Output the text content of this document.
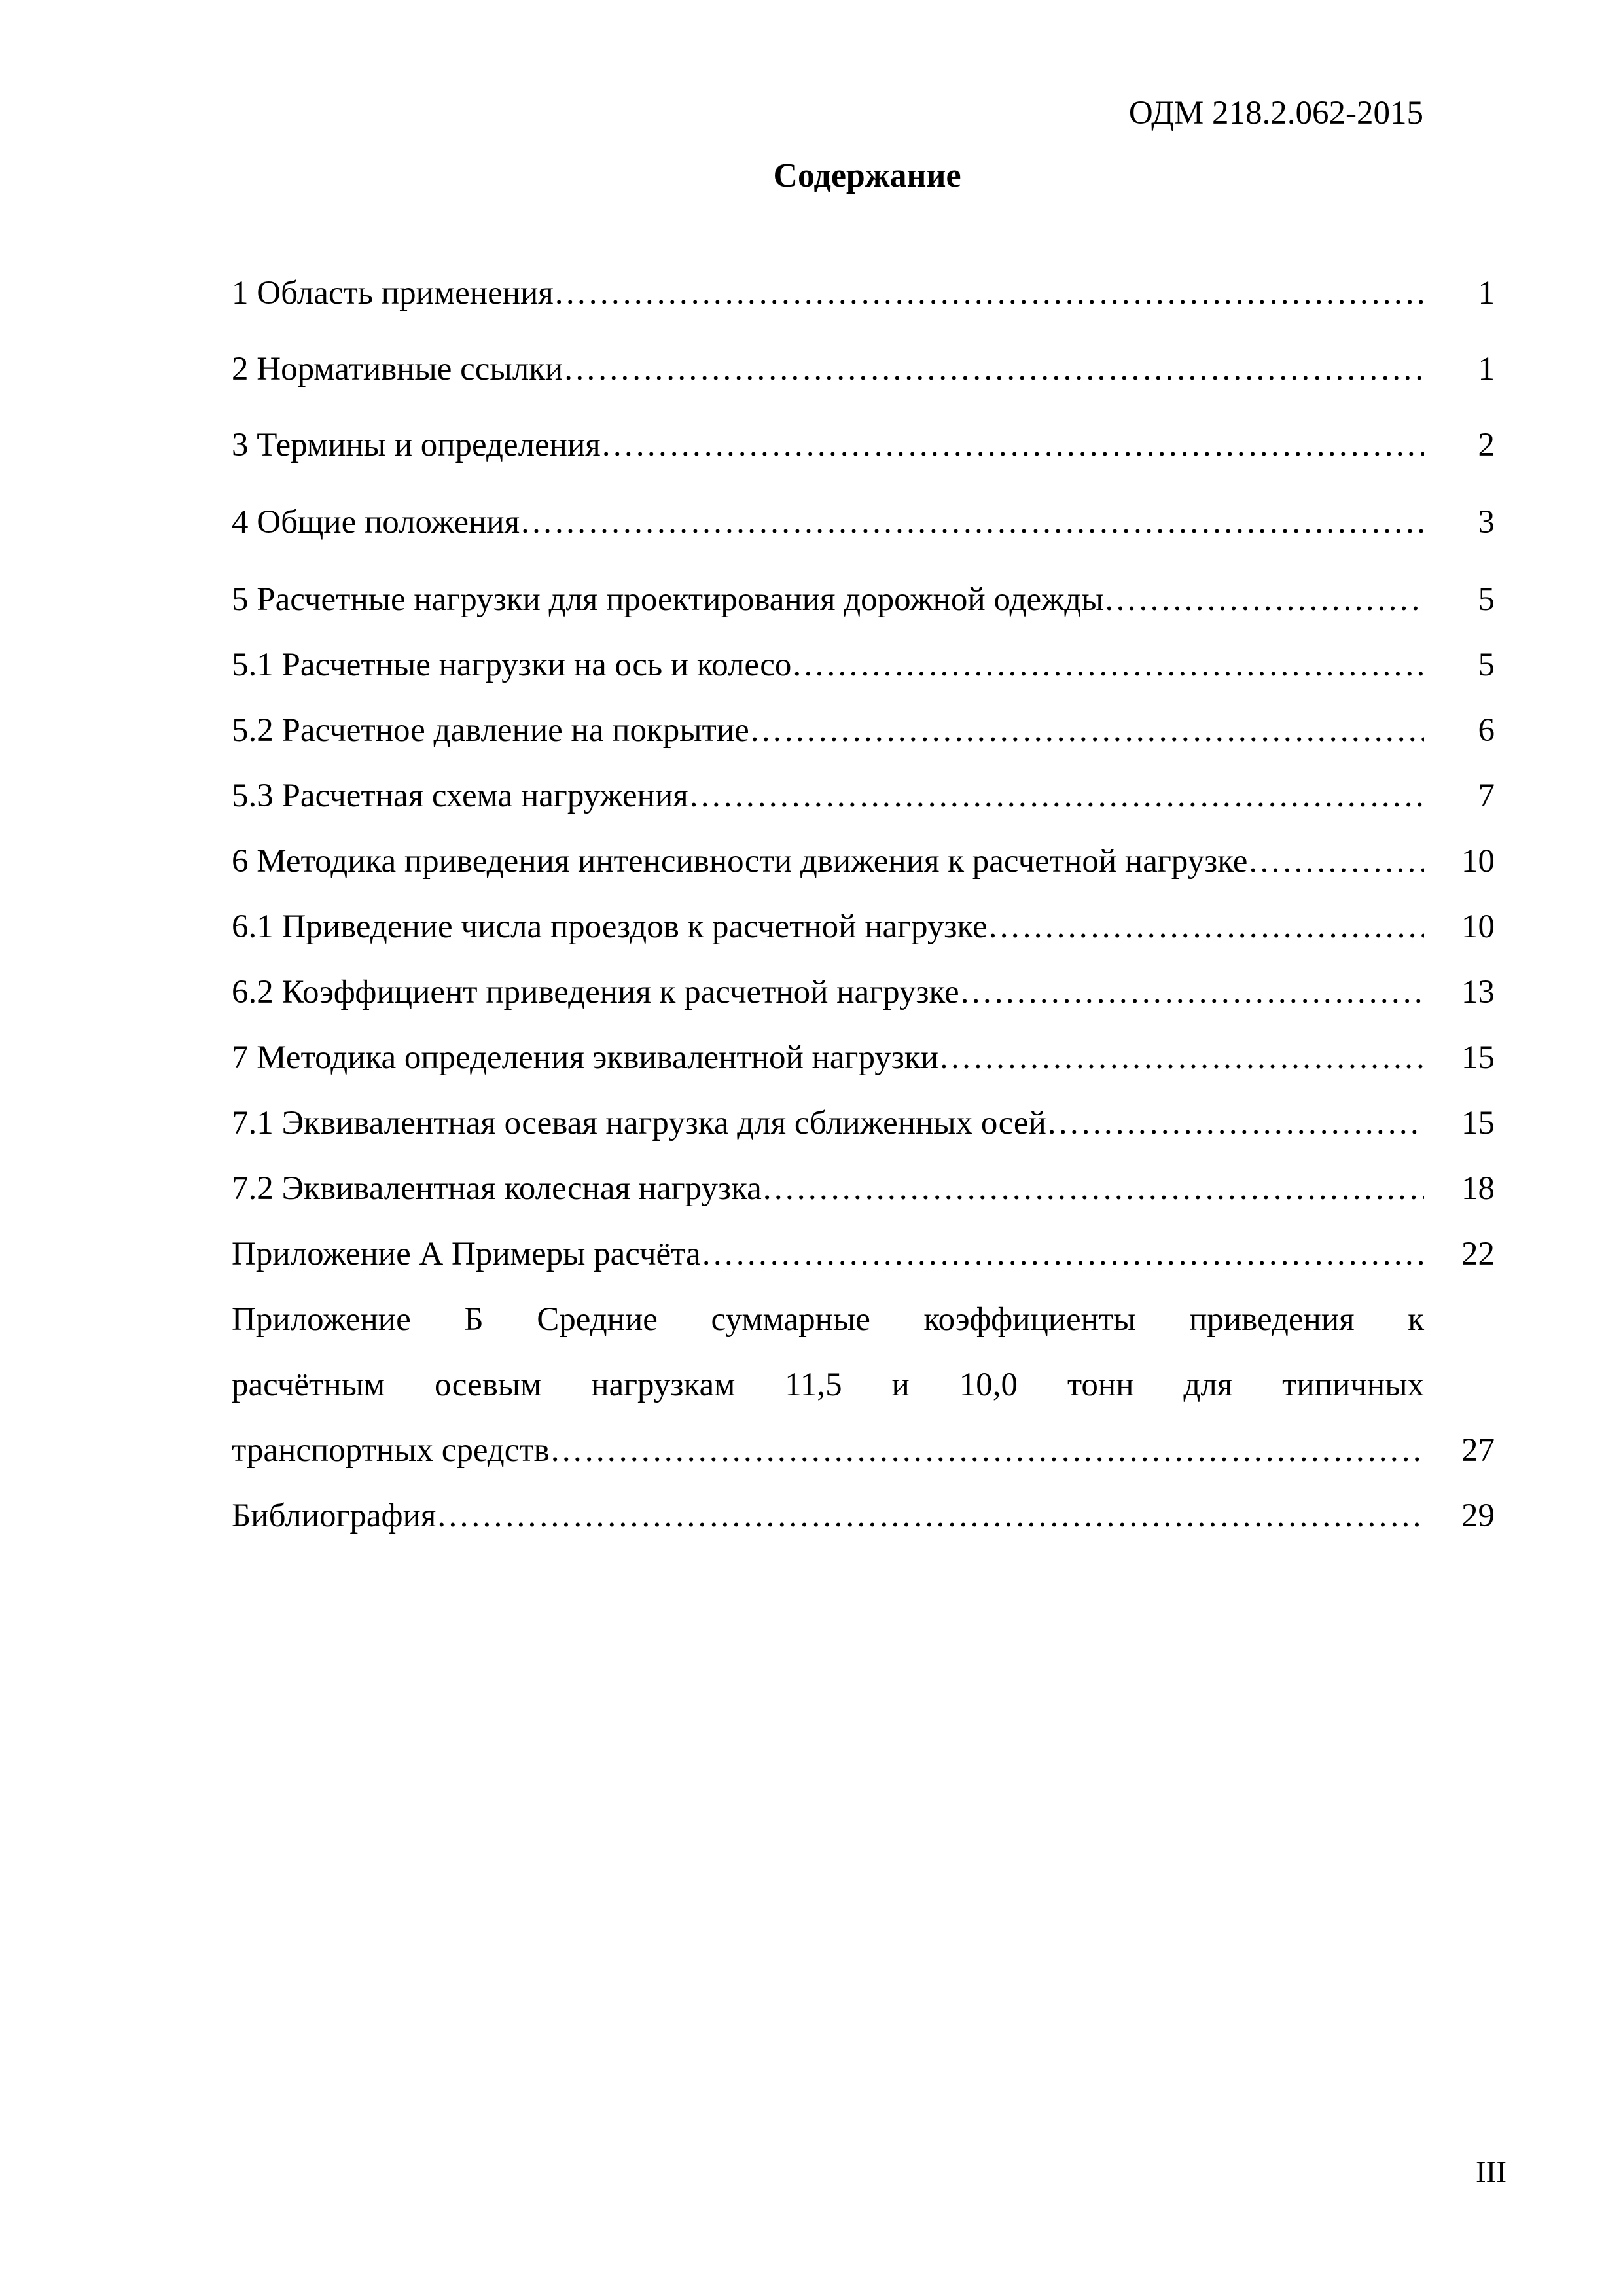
ОДМ 218.2.062-2015
Содержание
1 Область применения ……………………………………………………………………………………………………………………………………………………………………………………………………………………………………………	1
2 Нормативные ссылки ……………………………………………………………………………………………………………………………………………………………………………………………………………………………………………	1
3 Термины и определения ……………………………………………………………………………………………………………………………………………………………………………………………………………………………………………	2
4 Общие положения ……………………………………………………………………………………………………………………………………………………………………………………………………………………………………………	3
5 Расчетные нагрузки для проектирования дорожной одежды ……………………………………………………………………………………………………………………………………………………………………………………………………………………………………………	5
5.1 Расчетные нагрузки на ось и колесо ……………………………………………………………………………………………………………………………………………………………………………………………………………………………………………	5
5.2 Расчетное давление на покрытие ……………………………………………………………………………………………………………………………………………………………………………………………………………………………………………	6
5.3 Расчетная схема нагружения ……………………………………………………………………………………………………………………………………………………………………………………………………………………………………………	7
6 Методика приведения интенсивности движения к расчетной нагрузке ……………………………………………………………………………………………………………………………………………………………………………………………………………………………………………	10
6.1 Приведение числа проездов к расчетной нагрузке ……………………………………………………………………………………………………………………………………………………………………………………………………………………………………………	10
6.2 Коэффициент приведения к расчетной нагрузке ……………………………………………………………………………………………………………………………………………………………………………………………………………………………………………	13
7 Методика определения эквивалентной нагрузки ……………………………………………………………………………………………………………………………………………………………………………………………………………………………………………	15
7.1 Эквивалентная осевая нагрузка для сближенных осей ……………………………………………………………………………………………………………………………………………………………………………………………………………………………………………	15
7.2 Эквивалентная колесная нагрузка ……………………………………………………………………………………………………………………………………………………………………………………………………………………………………………	18
Приложение А Примеры расчёта ……………………………………………………………………………………………………………………………………………………………………………………………………………………………………………	22
Приложение Б Средние суммарные коэффициенты приведения к
расчётным осевым нагрузкам 11,5 и 10,0 тонн для типичных
транспортных средств ……………………………………………………………………………………………………………………………………………………………………………………………………………………………………………	27
Библиография ……………………………………………………………………………………………………………………………………………………………………………………………………………………………………………	29
III
